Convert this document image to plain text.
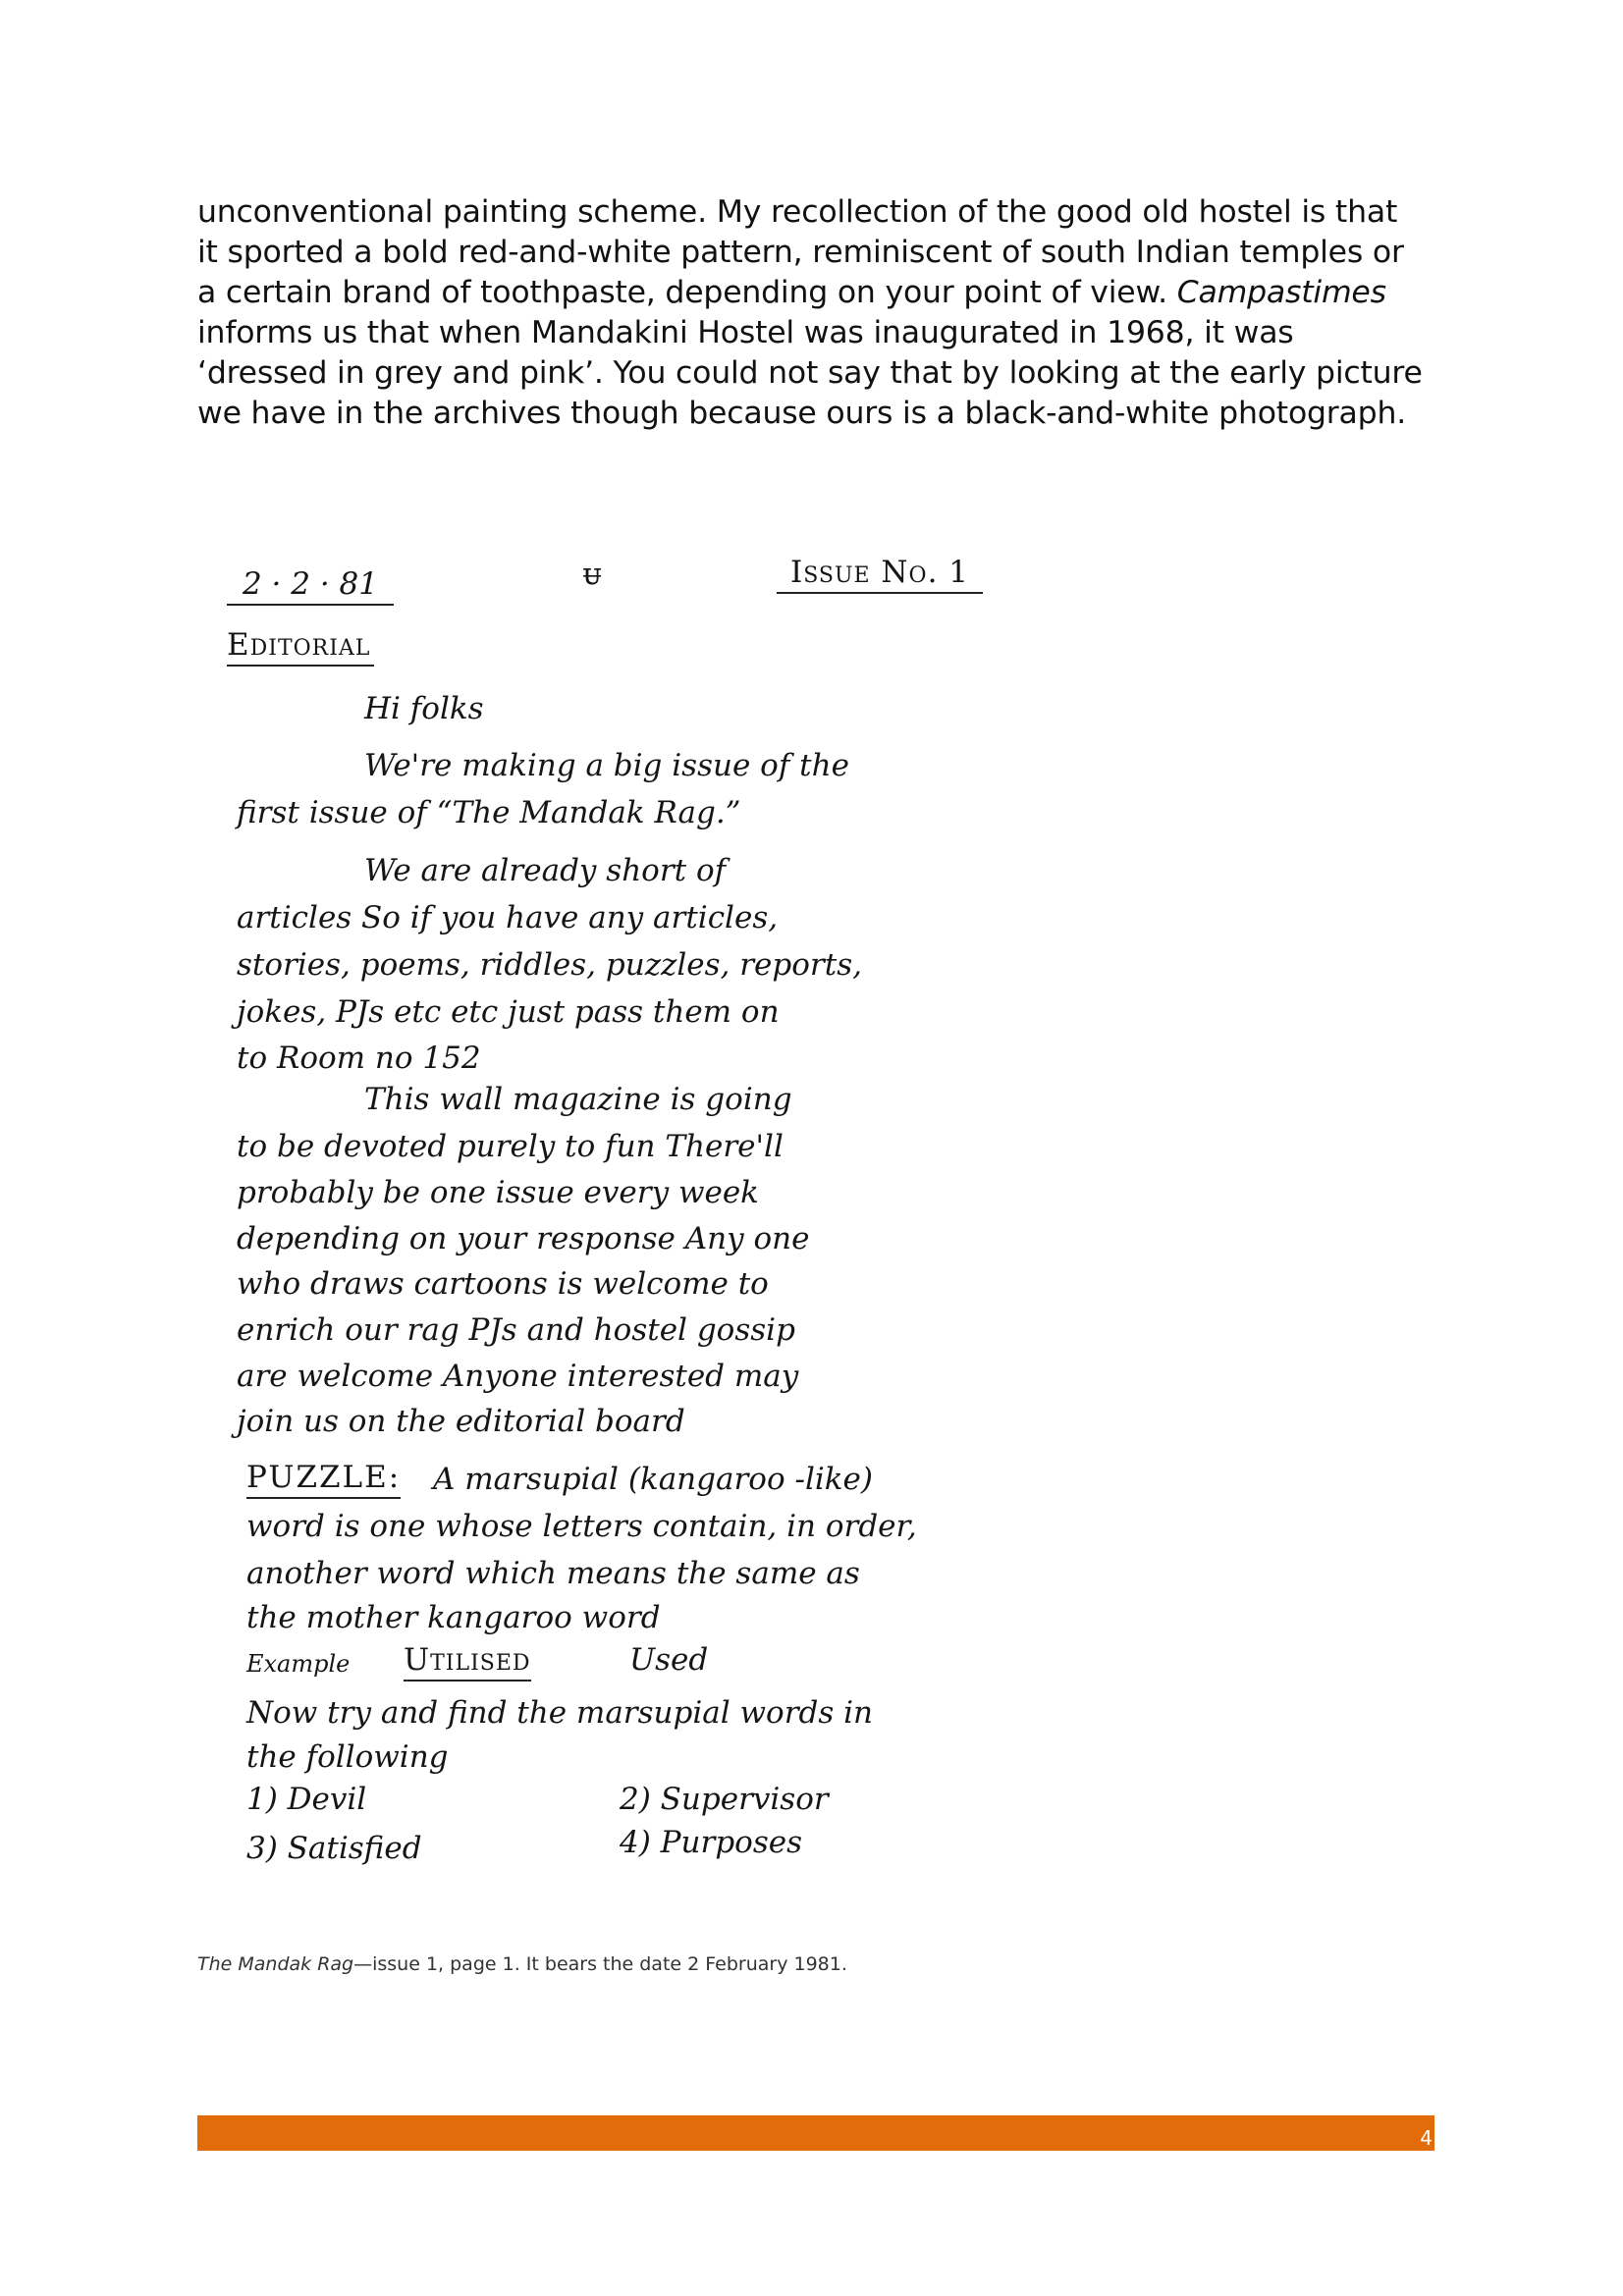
unconventional painting scheme. My recollection of the good old hostel is that it sported a bold red-and-white pattern, reminiscent of south Indian temples or a certain brand of toothpaste, depending on your point of view. Campastimes informs us that when Mandakini Hostel was inaugurated in 1968, it was ‘dressed in grey and pink’. You could not say that by looking at the early picture we have in the archives though because ours is a black-and-white photograph.

2 · 2 · 81	ᵾ	Issue No. 1
Editorial
Hi folks
We're making a big issue of the
first issue of “The Mandak Rag.”
We are already short of
articles So if you have any articles,
stories, poems, riddles, puzzles, reports,
jokes, PJs etc etc just pass them on
to Room no 152
This wall magazine is going
to be devoted purely to fun There'll
probably be one issue every week
depending on your response Any one
who draws cartoons is welcome to
enrich our rag PJs and hostel gossip
are welcome Anyone interested may
join us on the editorial board
PUZZLE: A marsupial (kangaroo -like)
word is one whose letters contain, in order,
another word which means the same as
the mother kangaroo word
Example Utilised	Used
Now try and find the marsupial words in
the following
1) Devil	2) Supervisor
3) Satisfied	4) Purposes

The Mandak Rag—issue 1, page 1. It bears the date 2 February 1981.

4
